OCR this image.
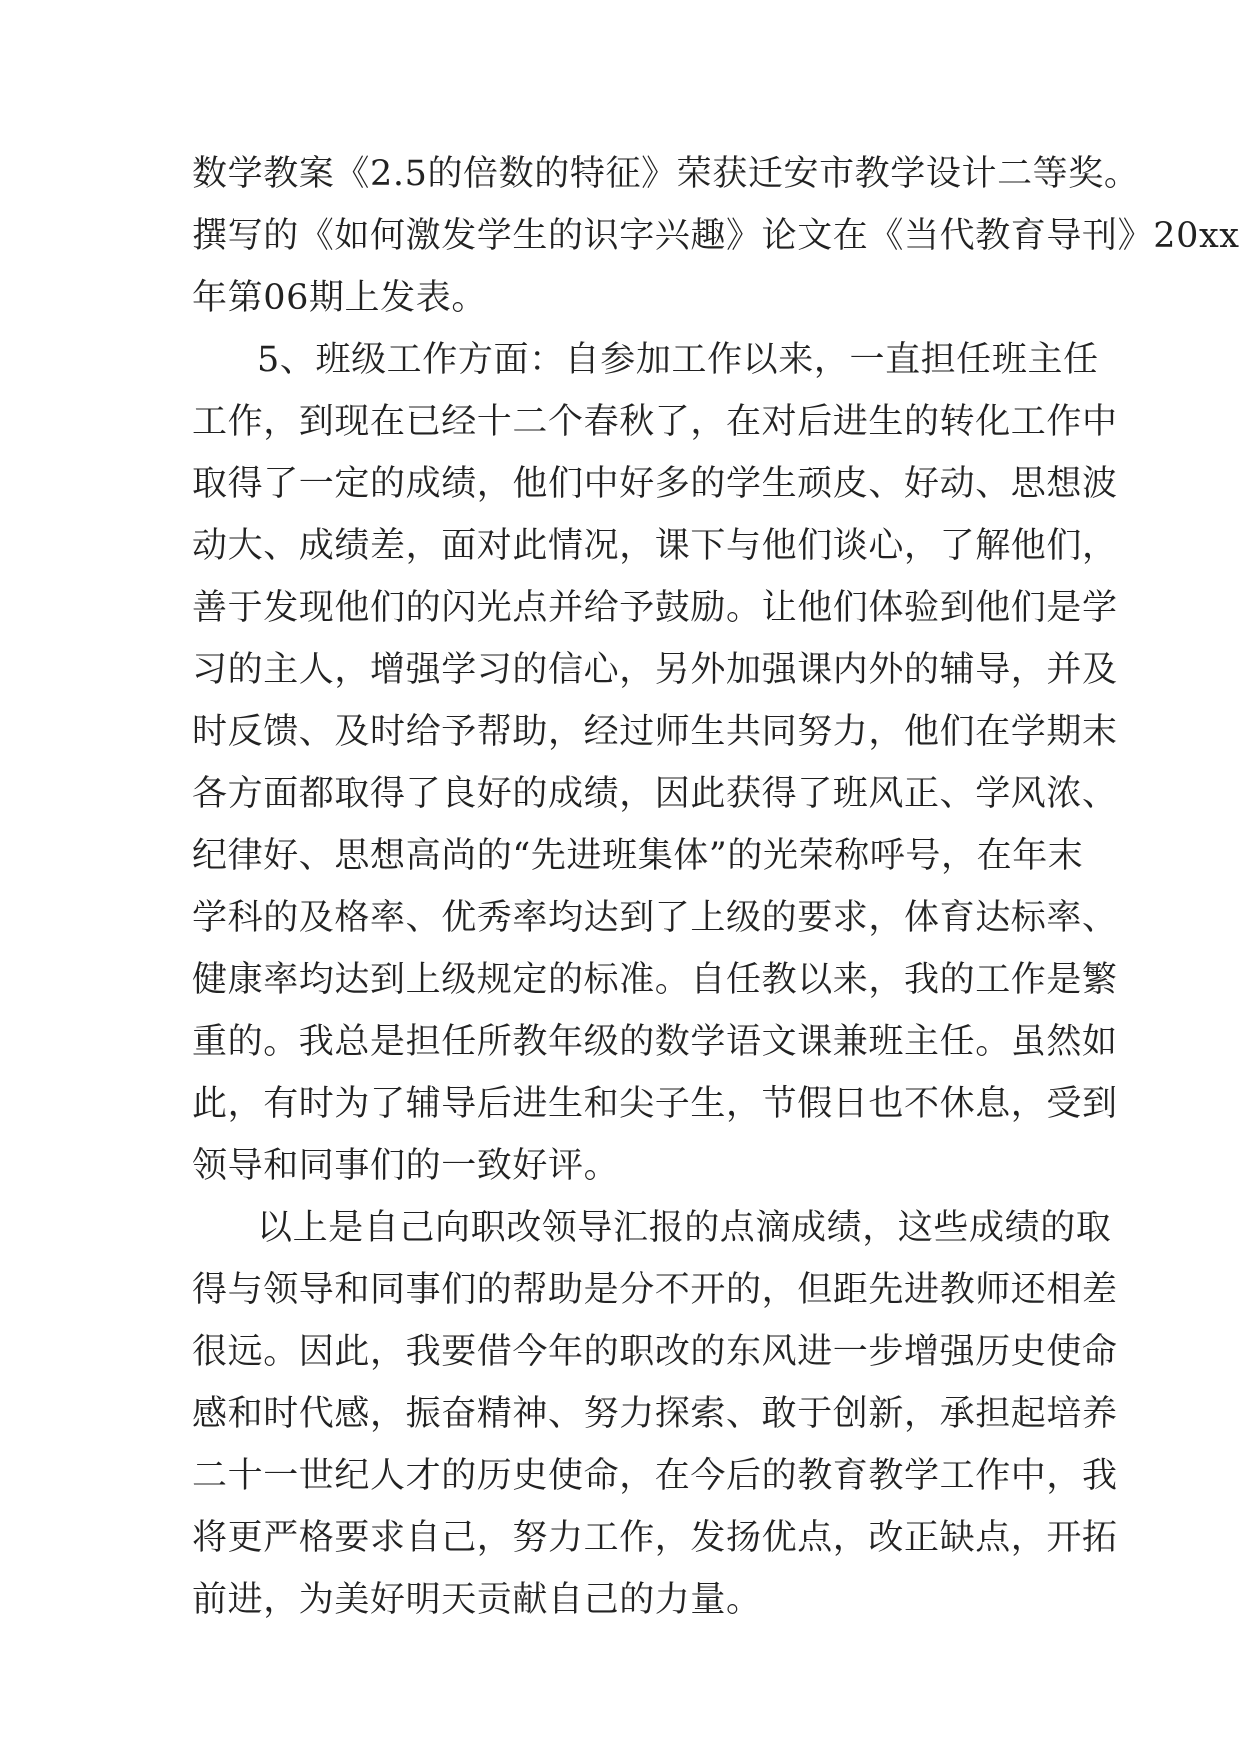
数学教案《2.5的倍数的特征》荣获迁安市教学设计二等奖。
撰写的《如何激发学生的识字兴趣》论文在《当代教育导刊》20xx
年第06期上发表。
5、班级工作方面：自参加工作以来，一直担任班主任
工作，到现在已经十二个春秋了，在对后进生的转化工作中
取得了一定的成绩，他们中好多的学生顽皮、好动、思想波
动大、成绩差，面对此情况，课下与他们谈心，了解他们，
善于发现他们的闪光点并给予鼓励。让他们体验到他们是学
习的主人，增强学习的信心，另外加强课内外的辅导，并及
时反馈、及时给予帮助，经过师生共同努力，他们在学期末
各方面都取得了良好的成绩，因此获得了班风正、学风浓、
纪律好、思想高尚的“先进班集体”的光荣称呼号，在年末
学科的及格率、优秀率均达到了上级的要求，体育达标率、
健康率均达到上级规定的标准。自任教以来，我的工作是繁
重的。我总是担任所教年级的数学语文课兼班主任。虽然如
此，有时为了辅导后进生和尖子生，节假日也不休息，受到
领导和同事们的一致好评。
以上是自己向职改领导汇报的点滴成绩，这些成绩的取
得与领导和同事们的帮助是分不开的，但距先进教师还相差
很远。因此，我要借今年的职改的东风进一步增强历史使命
感和时代感，振奋精神、努力探索、敢于创新，承担起培养
二十一世纪人才的历史使命，在今后的教育教学工作中，我
将更严格要求自己，努力工作，发扬优点，改正缺点，开拓
前进，为美好明天贡献自己的力量。
